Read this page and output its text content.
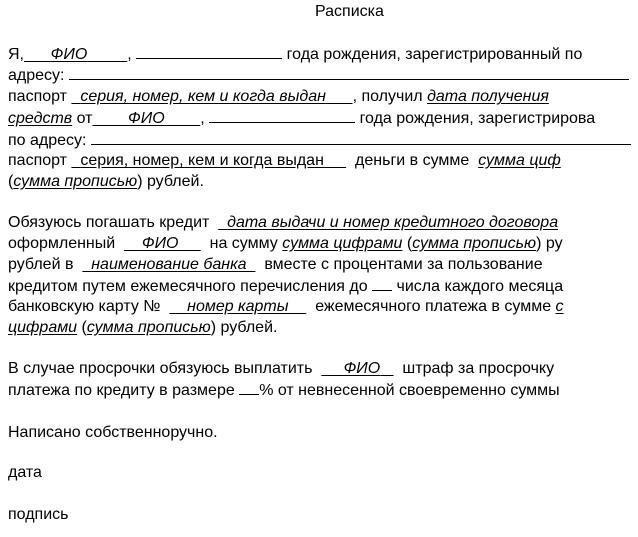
Расписка
Я, ФИО	,	года рождения, зарегистрированный по
адресу:
паспорт серия, номер, кем и когда выдан , получил дата получения
средств от ФИО ,	года рождения, зарегистрирова
по адресу:
паспорт серия, номер, кем и когда выдан деньги в сумме сумма циф
(сумма прописью) рублей.
Обязуюсь погашать кредит дата выдачи и номер кредитного договора
оформленный ФИО на сумму сумма цифрами (сумма прописью) ру
рублей в наименование банка вместе с процентами за пользование
кредитом путем ежемесячного перечисления до числа каждого месяца
банковскую карту № номер карты ежемесячного платежа в сумме с
цифрами (сумма прописью) рублей.
В случае просрочки обязуюсь выплатить ФИО штраф за просрочку
платежа по кредиту в размере % от невнесенной своевременно суммы
Написано собственноручно.
дата
подпись
